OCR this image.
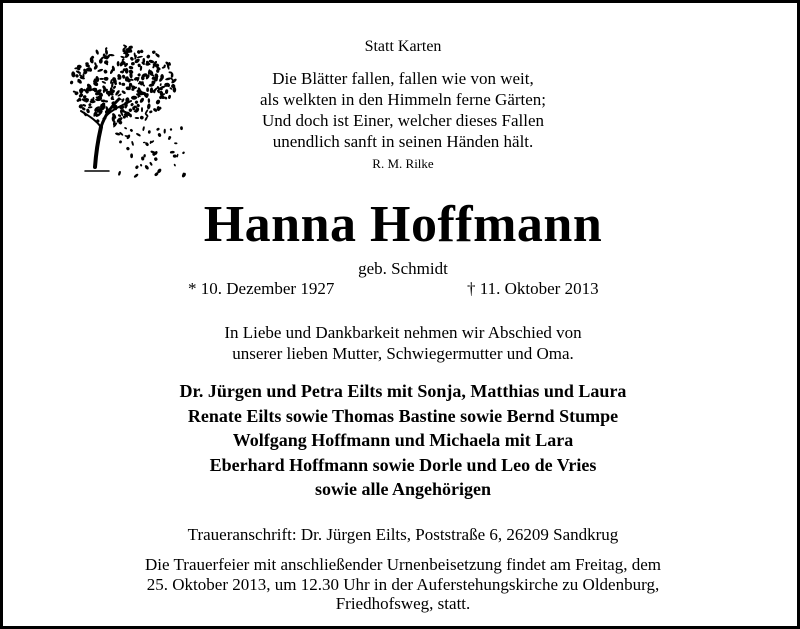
Statt Karten
Die Blätter fallen, fallen wie von weit,
als welkten in den Himmeln ferne Gärten;
Und doch ist Einer, welcher dieses Fallen
unendlich sanft in seinen Händen hält.
R. M. Rilke
Hanna Hoffmann
geb. Schmidt
* 10. Dezember 1927	† 11. Oktober 2013
In Liebe und Dankbarkeit nehmen wir Abschied von
unserer lieben Mutter, Schwiegermutter und Oma.
Dr. Jürgen und Petra Eilts mit Sonja, Matthias und Laura
Renate Eilts sowie Thomas Bastine sowie Bernd Stumpe
Wolfgang Hoffmann und Michaela mit Lara
Eberhard Hoffmann sowie Dorle und Leo de Vries
sowie alle Angehörigen
Traueranschrift: Dr. Jürgen Eilts, Poststraße 6, 26209 Sandkrug
Die Trauerfeier mit anschließender Urnenbeisetzung findet am Freitag, dem
25. Oktober 2013, um 12.30 Uhr in der Auferstehungskirche zu Oldenburg,
Friedhofsweg, statt.
